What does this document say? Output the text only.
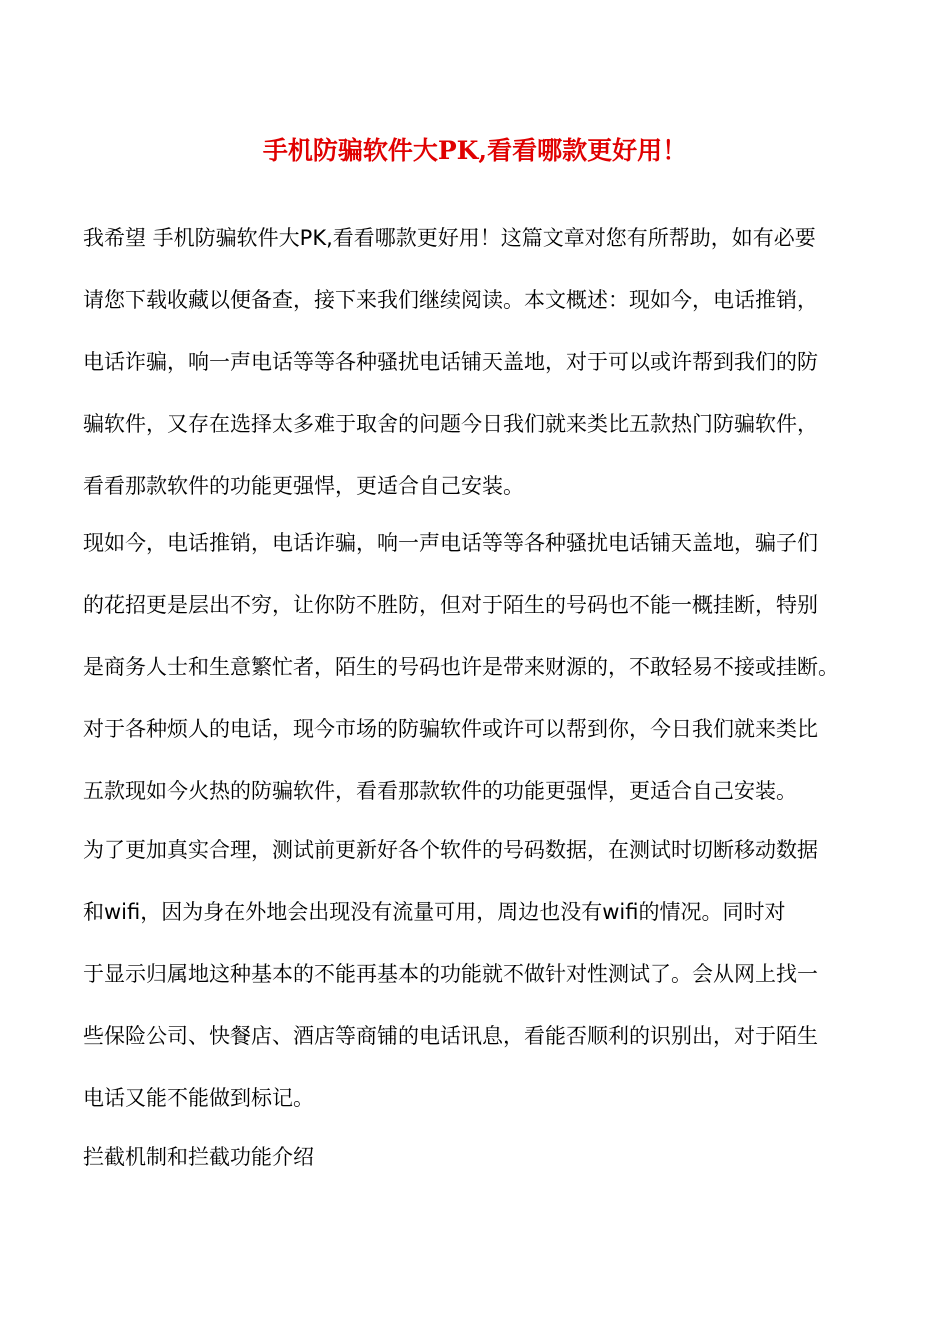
手机防骗软件大PK,看看哪款更好用！
我希望 手机防骗软件大PK,看看哪款更好用！这篇文章对您有所帮助，如有必要
请您下载收藏以便备查，接下来我们继续阅读。本文概述：现如今，电话推销，
电话诈骗，响一声电话等等各种骚扰电话铺天盖地，对于可以或许帮到我们的防
骗软件，又存在选择太多难于取舍的问题今日我们就来类比五款热门防骗软件，
看看那款软件的功能更强悍，更适合自己安装。
现如今，电话推销，电话诈骗，响一声电话等等各种骚扰电话铺天盖地，骗子们
的花招更是层出不穷，让你防不胜防，但对于陌生的号码也不能一概挂断，特别
是商务人士和生意繁忙者，陌生的号码也许是带来财源的，不敢轻易不接或挂断。
对于各种烦人的电话，现今市场的防骗软件或许可以帮到你，今日我们就来类比
五款现如今火热的防骗软件，看看那款软件的功能更强悍，更适合自己安装。
为了更加真实合理，测试前更新好各个软件的号码数据，在测试时切断移动数据
和wifi，因为身在外地会出现没有流量可用，周边也没有wifi的情况。同时对
于显示归属地这种基本的不能再基本的功能就不做针对性测试了。会从网上找一
些保险公司、快餐店、酒店等商铺的电话讯息，看能否顺利的识别出，对于陌生
电话又能不能做到标记。
拦截机制和拦截功能介绍
